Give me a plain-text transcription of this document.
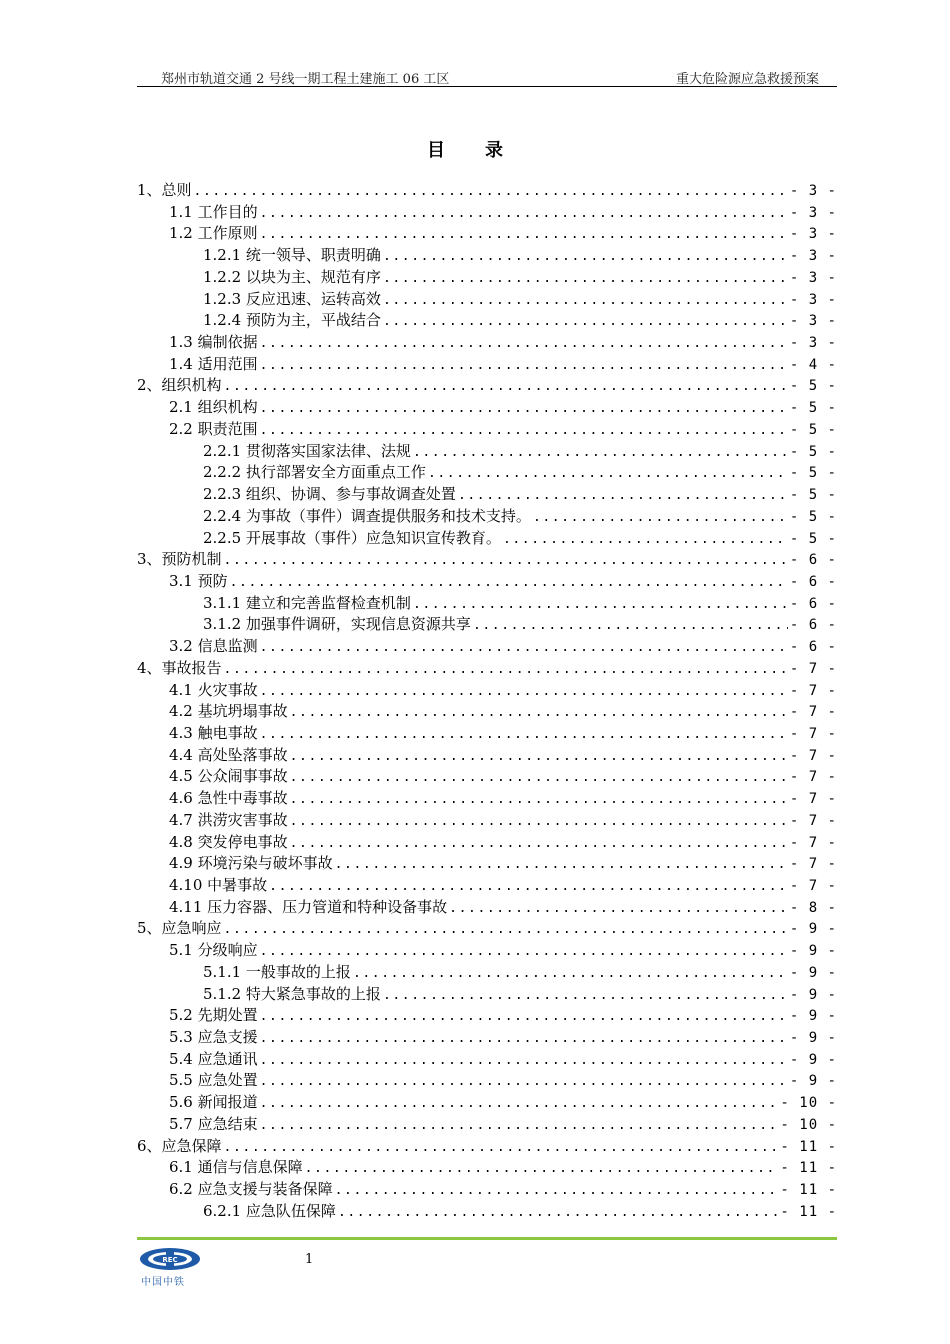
郑州市轨道交通 2 号线一期工程土建施工 06 工区	重大危险源应急救援预案
目录
1、总则 .....	- 3 -
1.1 工作目的 .....	- 3 -
1.2 工作原则 .....	- 3 -
1.2.1 统一领导、职责明确 .....	- 3 -
1.2.2 以块为主、规范有序 .....	- 3 -
1.2.3 反应迅速、运转高效 .....	- 3 -
1.2.4 预防为主，平战结合 .....	- 3 -
1.3 编制依据 .....	- 3 -
1.4 适用范围 .....	- 4 -
2、组织机构 .....	- 5 -
2.1 组织机构 .....	- 5 -
2.2 职责范围 .....	- 5 -
2.2.1 贯彻落实国家法律、法规 .....	- 5 -
2.2.2 执行部署安全方面重点工作 .....	- 5 -
2.2.3 组织、协调、参与事故调查处置 .....	- 5 -
2.2.4 为事故（事件）调查提供服务和技术支持。 .....	- 5 -
2.2.5 开展事故（事件）应急知识宣传教育。 .....	- 5 -
3、预防机制 .....	- 6 -
3.1 预防 .....	- 6 -
3.1.1 建立和完善监督检查机制 .....	- 6 -
3.1.2 加强事件调研，实现信息资源共享 .....	- 6 -
3.2 信息监测 .....	- 6 -
4、事故报告 .....	- 7 -
4.1 火灾事故 .....	- 7 -
4.2 基坑坍塌事故 .....	- 7 -
4.3 触电事故 .....	- 7 -
4.4 高处坠落事故 .....	- 7 -
4.5 公众闹事事故 .....	- 7 -
4.6 急性中毒事故 .....	- 7 -
4.7 洪涝灾害事故 .....	- 7 -
4.8 突发停电事故 .....	- 7 -
4.9 环境污染与破坏事故 .....	- 7 -
4.10 中暑事故 .....	- 7 -
4.11 压力容器、压力管道和特种设备事故 .....	- 8 -
5、应急响应 .....	- 9 -
5.1 分级响应 .....	- 9 -
5.1.1 一般事故的上报 .....	- 9 -
5.1.2 特大紧急事故的上报 .....	- 9 -
5.2 先期处置 .....	- 9 -
5.3 应急支援 .....	- 9 -
5.4 应急通讯 .....	- 9 -
5.5 应急处置 .....	- 9 -
5.6 新闻报道 .....	- 10 -
5.7 应急结束 .....	- 10 -
6、应急保障 .....	- 11 -
6.1 通信与信息保障 .....	- 11 -
6.2 应急支援与装备保障 .....	- 11 -
6.2.1 应急队伍保障 .....	- 11 -
REC
中国中铁
1
